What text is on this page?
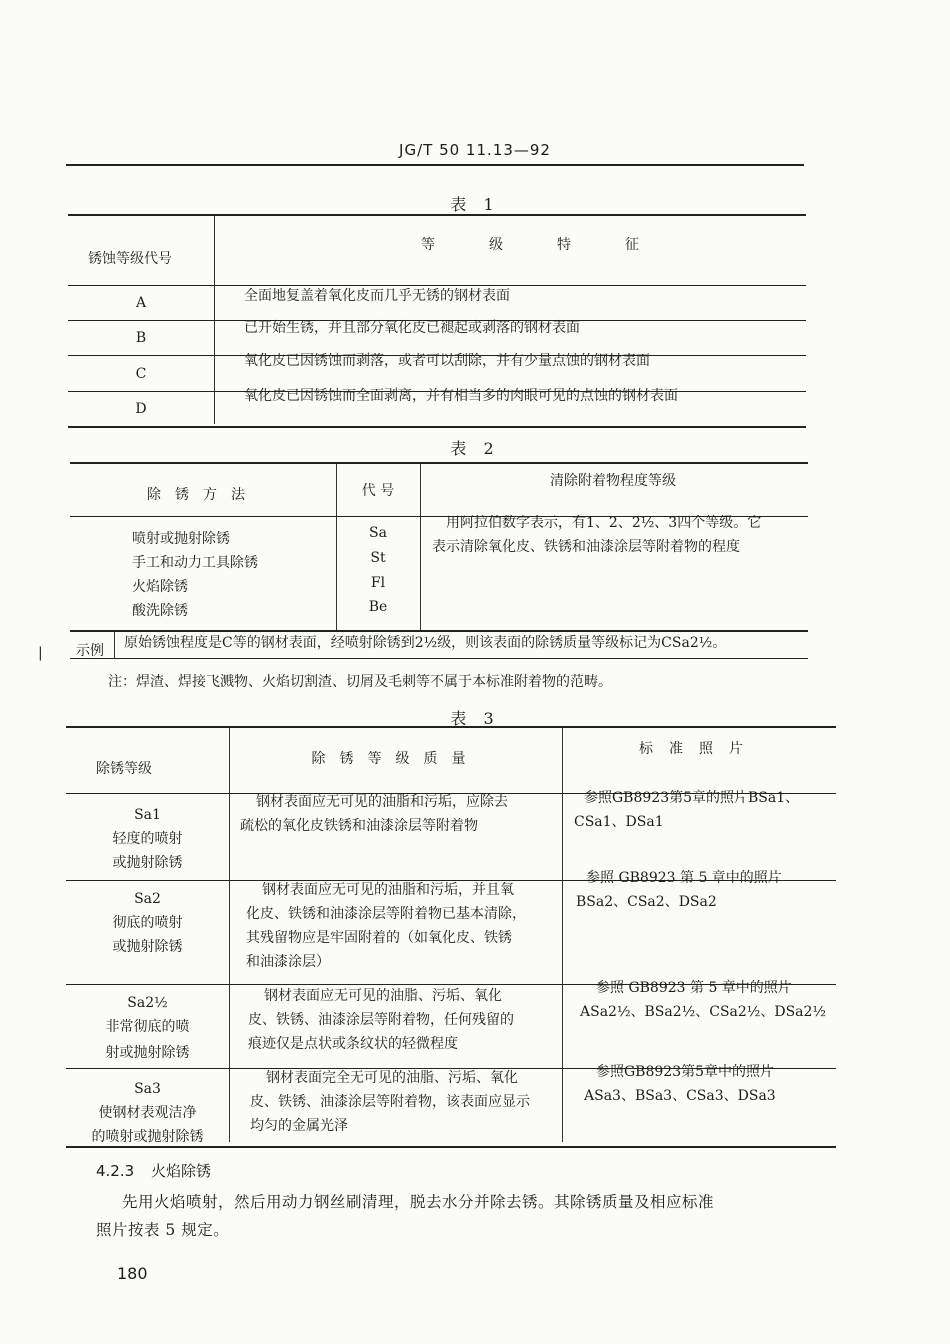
JG/T 50 11.13—92
表 1
锈蚀等级代号
等　级　特　征
A	全面地复盖着氧化皮而几乎无锈的钢材表面
B
已开始生锈，并且部分氧化皮已褪起或剥落的钢材表面
C
氧化皮已因锈蚀而剥落，或者可以刮除，并有少量点蚀的钢材表面
D
氧化皮已因锈蚀而全面剥离，并有相当多的肉眼可见的点蚀的钢材表面
表 2
除锈方法	代 号
清除附着物程度等级
喷射或抛射除锈
手工和动力工具除锈
火焰除锈
酸洗除锈
Sa
St
Fl
Be
用阿拉伯数字表示，有1、2、2½、3四个等级。它
表示清除氧化皮、铁锈和油漆涂层等附着物的程度
| 示例 原始锈蚀程度是C等的钢材表面，经喷射除锈到2½级，则该表面的除锈质量等级标记为CSa2½。
注：焊渣、焊接飞溅物、火焰切割渣、切屑及毛刺等不属于本标准附着物的范畴。
表 3
除锈等级
除锈等级质量
标准照片
Sa1
轻度的喷射
或抛射除锈
钢材表面应无可见的油脂和污垢，应除去
疏松的氧化皮铁锈和油漆涂层等附着物
参照GB8923第5章的照片BSa1、
CSa1、DSa1
Sa2
彻底的喷射
或抛射除锈
钢材表面应无可见的油脂和污垢，并且氧
化皮、铁锈和油漆涂层等附着物已基本清除，
其残留物应是牢固附着的（如氧化皮、铁锈
和油漆涂层）
参照 GB8923 第 5 章中的照片
BSa2、CSa2、DSa2
Sa2½
非常彻底的喷
射或抛射除锈
钢材表面应无可见的油脂、污垢、氧化
皮、铁锈、油漆涂层等附着物，任何残留的
痕迹仅是点状或条纹状的轻微程度
参照 GB8923 第 5 章中的照片
ASa2½、BSa2½、CSa2½、DSa2½
Sa3
使钢材表观洁净
的喷射或抛射除锈
钢材表面完全无可见的油脂、污垢、氧化
皮、铁锈、油漆涂层等附着物，该表面应显示
均匀的金属光泽
参照GB8923第5章中的照片
ASa3、BSa3、CSa3、DSa3
4.2.3 火焰除锈
先用火焰喷射，然后用动力钢丝刷清理，脱去水分并除去锈。其除锈质量及相应标准
照片按表 5 规定。
180
